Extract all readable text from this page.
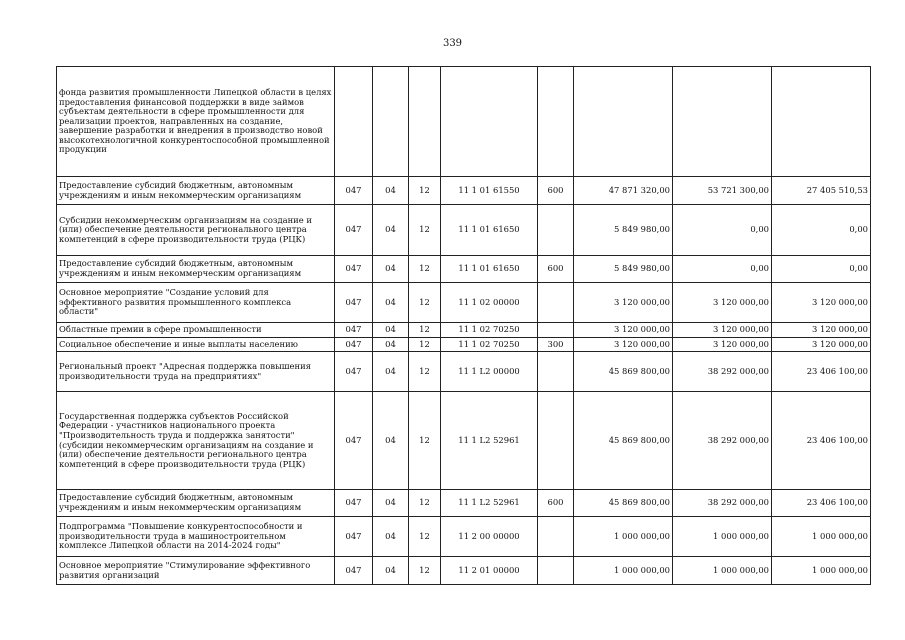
339
фонда развития промышленности Липецкой области в целях предоставления финансовой поддержки в виде займов субъектам деятельности в сфере промышленности для реализации проектов, направленных на создание, завершение разработки и внедрения в производство новой высокотехнологичной конкурентоспособной промышленной продукции								
Предоставление субсидий бюджетным, автономным учреждениям и иным некоммерческим организациям	047	04	12	11 1 01 61550	600	47 871 320,00	53 721 300,00	27 405 510,53
Субсидии некоммерческим организациям на создание и (или) обеспечение деятельности регионального центра компетенций в сфере производительности труда (РЦК)	047	04	12	11 1 01 61650		5 849 980,00	0,00	0,00
Предоставление субсидий бюджетным, автономным учреждениям и иным некоммерческим организациям	047	04	12	11 1 01 61650	600	5 849 980,00	0,00	0,00
Основное мероприятие "Создание условий для эффективного развития промышленного комплекса области"	047	04	12	11 1 02 00000		3 120 000,00	3 120 000,00	3 120 000,00
Областные премии в сфере промышленности	047	04	12	11 1 02 70250		3 120 000,00	3 120 000,00	3 120 000,00
Социальное обеспечение и иные выплаты населению	047	04	12	11 1 02 70250	300	3 120 000,00	3 120 000,00	3 120 000,00
Региональный проект "Адресная поддержка повышения производительности труда на предприятиях"	047	04	12	11 1 L2 00000		45 869 800,00	38 292 000,00	23 406 100,00
Государственная поддержка субъектов Российской Федерации - участников национального проекта "Производительность труда и поддержка занятости" (субсидии некоммерческим организациям на создание и (или) обеспечение деятельности регионального центра компетенций в сфере производительности труда (РЦК)	047	04	12	11 1 L2 52961		45 869 800,00	38 292 000,00	23 406 100,00
Предоставление субсидий бюджетным, автономным учреждениям и иным некоммерческим организациям	047	04	12	11 1 L2 52961	600	45 869 800,00	38 292 000,00	23 406 100,00
Подпрограмма "Повышение конкурентоспособности и производительности труда в машиностроительном комплексе Липецкой области на 2014-2024 годы"	047	04	12	11 2 00 00000		1 000 000,00	1 000 000,00	1 000 000,00
Основное мероприятие "Стимулирование эффективного развития организаций	047	04	12	11 2 01 00000		1 000 000,00	1 000 000,00	1 000 000,00
